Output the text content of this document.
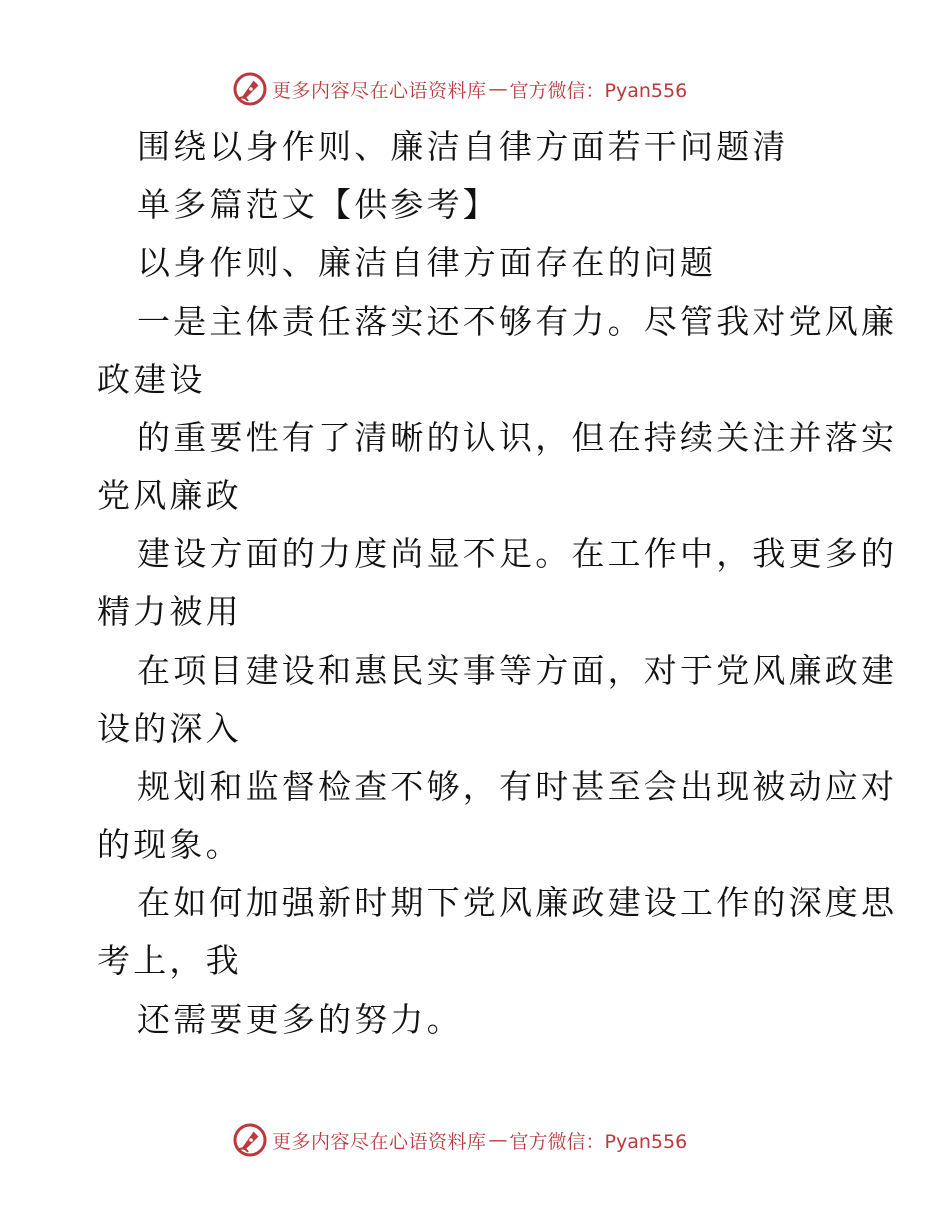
更多内容尽在心语资料库 — 官方微信：Pyan556
围绕以身作则、廉洁自律方面若干问题清
单多篇范文【供参考】
以身作则、廉洁自律方面存在的问题
一是主体责任落实还不够有力。尽管我对党风廉
政建设
的重要性有了清晰的认识，但在持续关注并落实
党风廉政
建设方面的力度尚显不足。在工作中，我更多的
精力被用
在项目建设和惠民实事等方面，对于党风廉政建
设的深入
规划和监督检查不够，有时甚至会出现被动应对
的现象。
在如何加强新时期下党风廉政建设工作的深度思
考上，我
还需要更多的努力。
更多内容尽在心语资料库 — 官方微信：Pyan556
